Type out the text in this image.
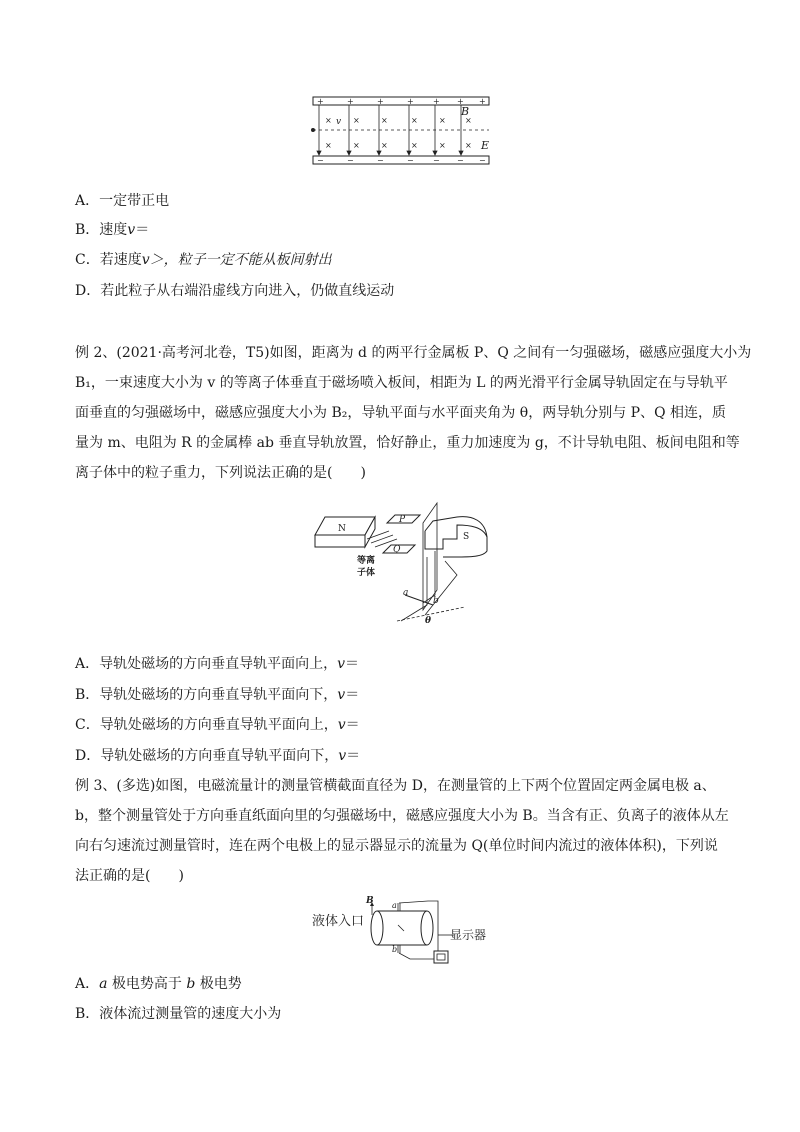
+	+	+	+ + + +
−	−	−	− − − −
×	×	×	×	× ×
×	×	×	×	× ×
v
B
E
A．一定带正电
B．速度v＝
C．若速度v＞，粒子一定不能从板间射出
D．若此粒子从右端沿虚线方向进入，仍做直线运动
例 2、(2021·高考河北卷，T5)如图，距离为 d 的两平行金属板 P、Q 之间有一匀强磁场，磁感应强度大小为
B₁，一束速度大小为 v 的等离子体垂直于磁场喷入板间，相距为 L 的两光滑平行金属导轨固定在与导轨平
面垂直的匀强磁场中，磁感应强度大小为 B₂，导轨平面与水平面夹角为 θ，两导轨分别与 P、Q 相连，质
量为 m、电阻为 R 的金属棒 ab 垂直导轨放置，恰好静止，重力加速度为 g，不计导轨电阻、板间电阻和等
离子体中的粒子重力，下列说法正确的是(　　)
N
P
Q
等离
子体
S
a
b
θ
A．导轨处磁场的方向垂直导轨平面向上，v＝
B．导轨处磁场的方向垂直导轨平面向下，v＝
C．导轨处磁场的方向垂直导轨平面向上，v＝
D．导轨处磁场的方向垂直导轨平面向下，v＝
例 3、(多选)如图，电磁流量计的测量管横截面直径为 D，在测量管的上下两个位置固定两金属电极 a、
b，整个测量管处于方向垂直纸面向里的匀强磁场中，磁感应强度大小为 B。当含有正、负离子的液体从左
向右匀速流过测量管时，连在两个电极上的显示器显示的流量为 Q(单位时间内流过的液体体积)，下列说
法正确的是(　　)
液体入口
B a
b
显示器
A．a 极电势高于 b 极电势
B．液体流过测量管的速度大小为
